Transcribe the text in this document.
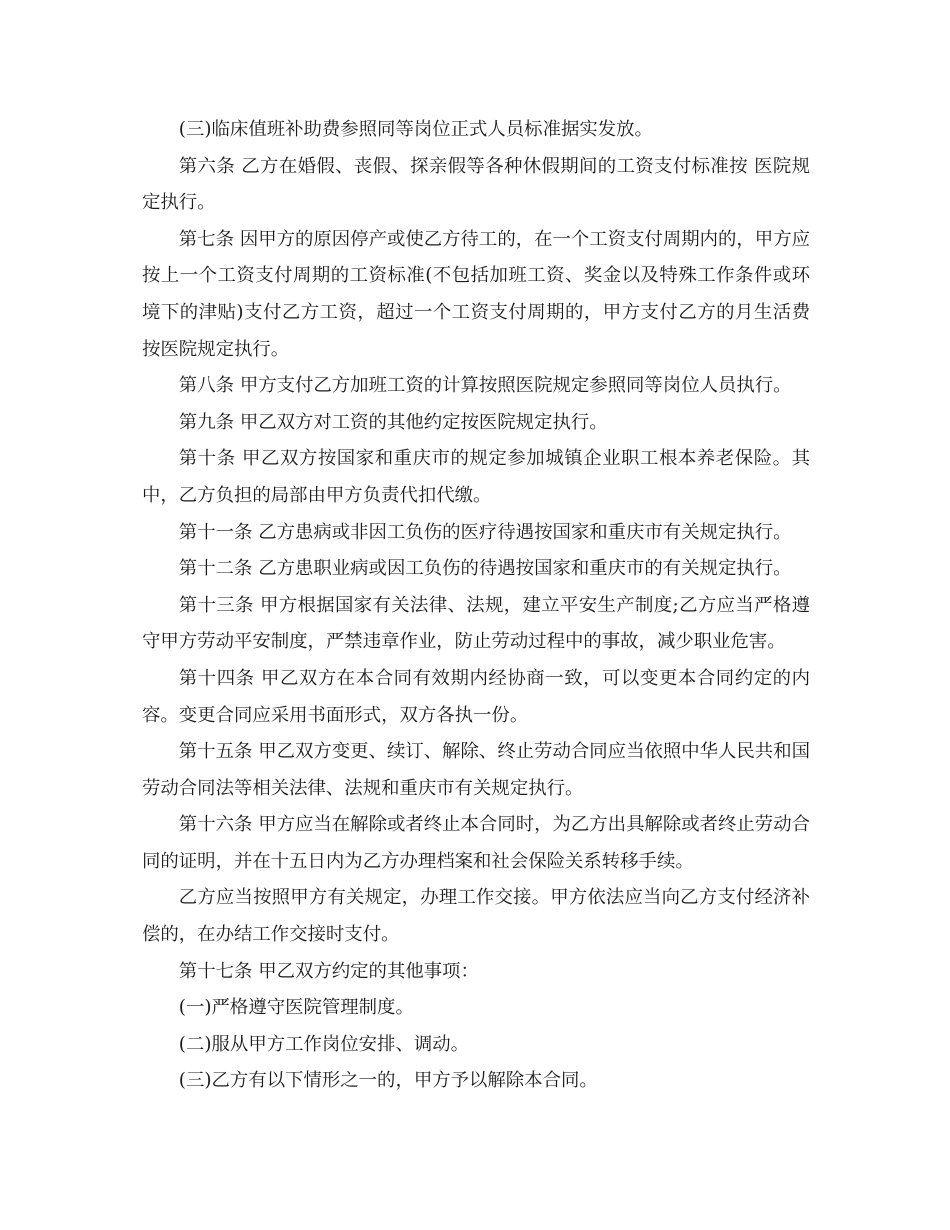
(三)临床值班补助费参照同等岗位正式人员标准据实发放。

第六条 乙方在婚假、丧假、探亲假等各种休假期间的工资支付标准按 医院规定执行。

第七条 因甲方的原因停产或使乙方待工的，在一个工资支付周期内的，甲方应按上一个工资支付周期的工资标准(不包括加班工资、奖金以及特殊工作条件或环境下的津贴)支付乙方工资，超过一个工资支付周期的，甲方支付乙方的月生活费按医院规定执行。

第八条 甲方支付乙方加班工资的计算按照医院规定参照同等岗位人员执行。

第九条 甲乙双方对工资的其他约定按医院规定执行。

第十条 甲乙双方按国家和重庆市的规定参加城镇企业职工根本养老保险。其中，乙方负担的局部由甲方负责代扣代缴。

第十一条 乙方患病或非因工负伤的医疗待遇按国家和重庆市有关规定执行。

第十二条 乙方患职业病或因工负伤的待遇按国家和重庆市的有关规定执行。

第十三条 甲方根据国家有关法律、法规，建立平安生产制度;乙方应当严格遵守甲方劳动平安制度，严禁违章作业，防止劳动过程中的事故，减少职业危害。

第十四条 甲乙双方在本合同有效期内经协商一致，可以变更本合同约定的内容。变更合同应采用书面形式，双方各执一份。

第十五条 甲乙双方变更、续订、解除、终止劳动合同应当依照中华人民共和国劳动合同法等相关法律、法规和重庆市有关规定执行。

第十六条 甲方应当在解除或者终止本合同时，为乙方出具解除或者终止劳动合同的证明，并在十五日内为乙方办理档案和社会保险关系转移手续。

乙方应当按照甲方有关规定，办理工作交接。甲方依法应当向乙方支付经济补偿的，在办结工作交接时支付。

第十七条 甲乙双方约定的其他事项：

(一)严格遵守医院管理制度。

(二)服从甲方工作岗位安排、调动。

(三)乙方有以下情形之一的，甲方予以解除本合同。
